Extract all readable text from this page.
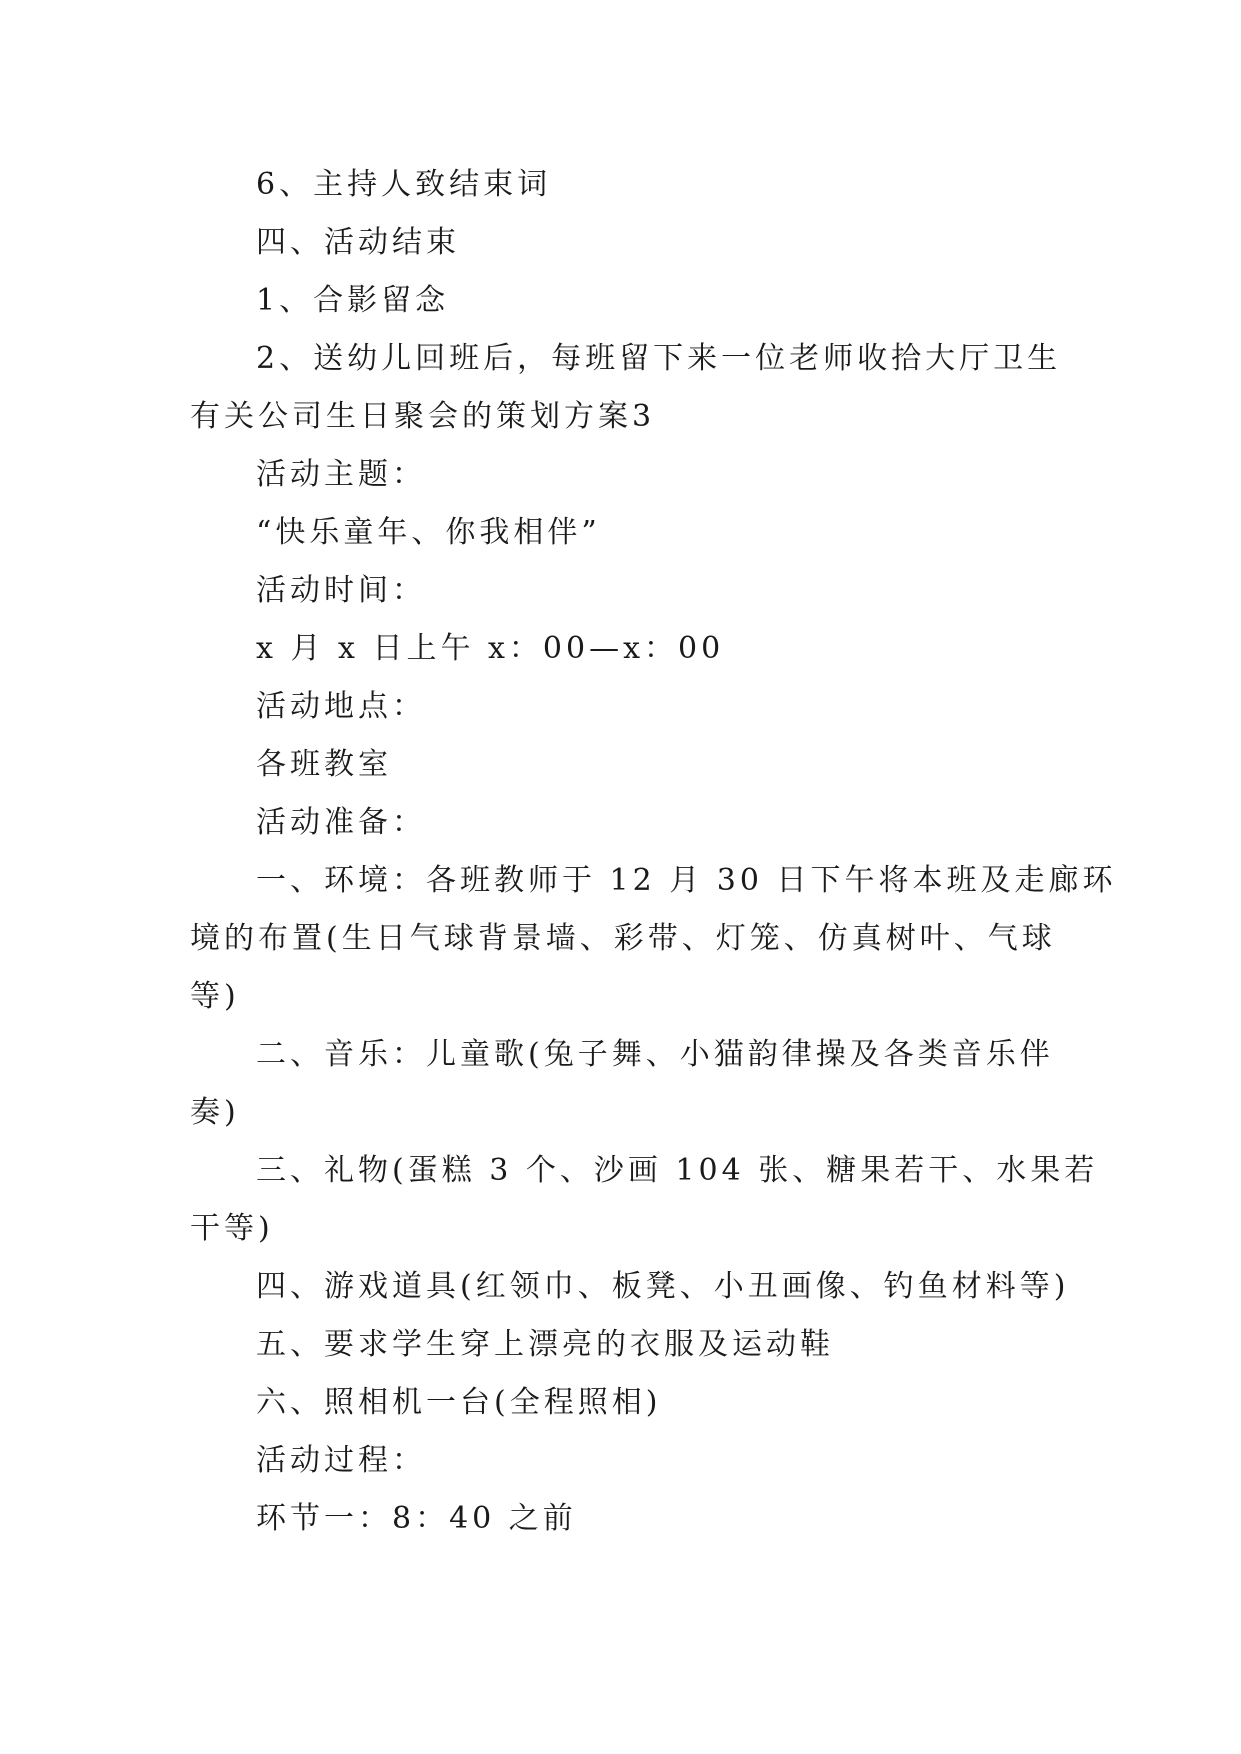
6、主持人致结束词

四、活动结束

1、合影留念

2、送幼儿回班后，每班留下来一位老师收拾大厅卫生

有关公司生日聚会的策划方案3

活动主题：

“快乐童年、你我相伴”

活动时间：

x 月 x 日上午 x：00—x：00

活动地点：

各班教室

活动准备：

一、环境：各班教师于 12 月 30 日下午将本班及走廊环

境的布置(生日气球背景墙、彩带、灯笼、仿真树叶、气球

等)

二、音乐：儿童歌(兔子舞、小猫韵律操及各类音乐伴

奏)

三、礼物(蛋糕 3 个、沙画 104 张、糖果若干、水果若

干等)

四、游戏道具(红领巾、板凳、小丑画像、钓鱼材料等)

五、要求学生穿上漂亮的衣服及运动鞋

六、照相机一台(全程照相)

活动过程：

环节一：8：40 之前
